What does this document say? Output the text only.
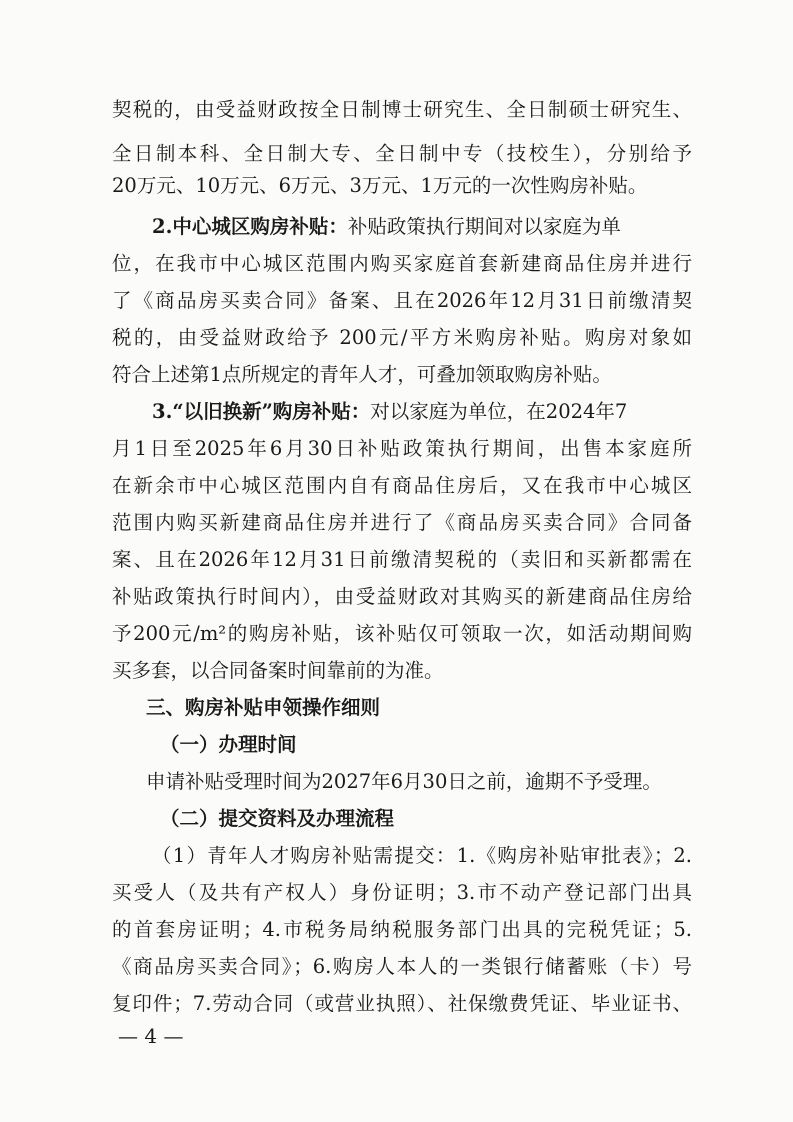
契税的，由受益财政按全日制博士研究生、全日制硕士研究生、
全日制本科、全日制大专、全日制中专（技校生），分别给予
20万元、10万元、6万元、3万元、1万元的一次性购房补贴。
2.中心城区购房补贴：补贴政策执行期间对以家庭为单
位，在我市中心城区范围内购买家庭首套新建商品住房并进行
了《商品房买卖合同》备案、且在2026年12月31日前缴清契
税的，由受益财政给予 200元/平方米购房补贴。购房对象如
符合上述第1点所规定的青年人才，可叠加领取购房补贴。
3.“以旧换新”购房补贴：对以家庭为单位，在2024年7
月1日至2025年6月30日补贴政策执行期间，出售本家庭所
在新余市中心城区范围内自有商品住房后，又在我市中心城区
范围内购买新建商品住房并进行了《商品房买卖合同》合同备
案、且在2026年12月31日前缴清契税的（卖旧和买新都需在
补贴政策执行时间内），由受益财政对其购买的新建商品住房给
予200元/m²的购房补贴，该补贴仅可领取一次，如活动期间购
买多套，以合同备案时间靠前的为准。
三、购房补贴申领操作细则
（一）办理时间
申请补贴受理时间为2027年6月30日之前，逾期不予受理。
（二）提交资料及办理流程
（1）青年人才购房补贴需提交：1.《购房补贴审批表》；2.
买受人（及共有产权人）身份证明；3.市不动产登记部门出具
的首套房证明；4.市税务局纳税服务部门出具的完税凭证；5.
《商品房买卖合同》；6.购房人本人的一类银行储蓄账（卡）号
复印件；7.劳动合同（或营业执照）、社保缴费凭证、毕业证书、
— 4 —
